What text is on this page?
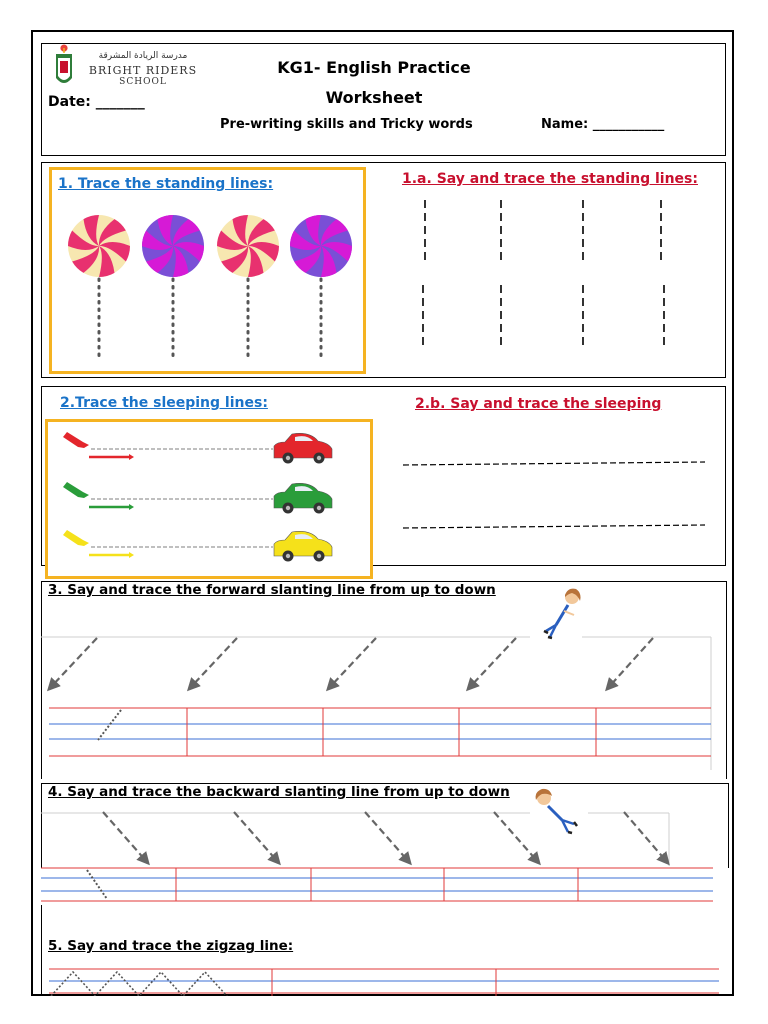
مدرسة الريادة المشرقة
BRIGHT RIDERS
SCHOOL
Date: _______
KG1- English Practice
Worksheet
Pre-writing skills and Tricky words	Name: ___________
1. Trace the standing lines:	1.a. Say and trace the standing lines:
2.Trace the sleeping lines:	2.b. Say and trace the sleeping
3. Say and trace the forward slanting line from up to down
4. Say and trace the backward slanting line from up to down
5. Say and trace the zigzag line:
